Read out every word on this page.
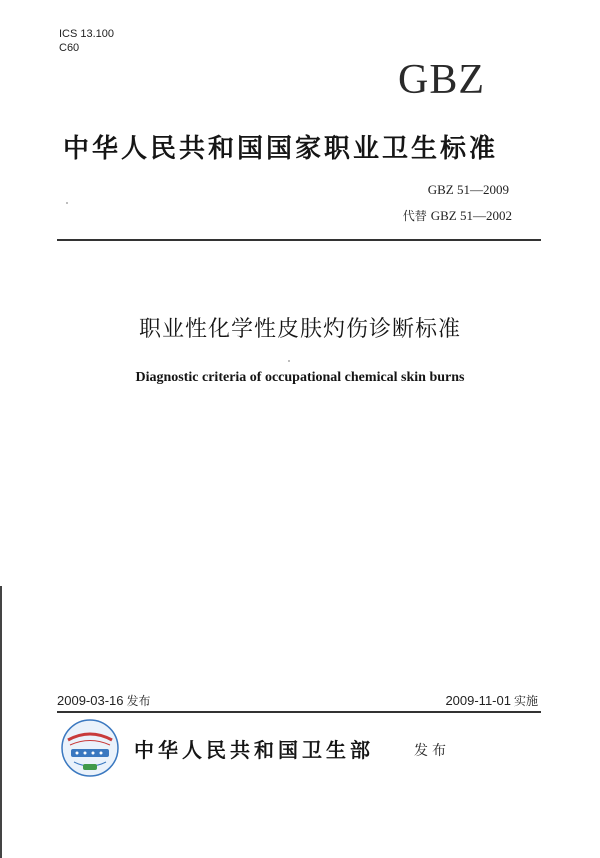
ICS 13.100
C60
GBZ
中华人民共和国国家职业卫生标准
GBZ 51—2009
代替 GBZ 51—2002
职业性化学性皮肤灼伤诊断标准
Diagnostic criteria of occupational chemical skin burns
2009-03-16 发布	2009-11-01 实施
中华人民共和国卫生部	发布
